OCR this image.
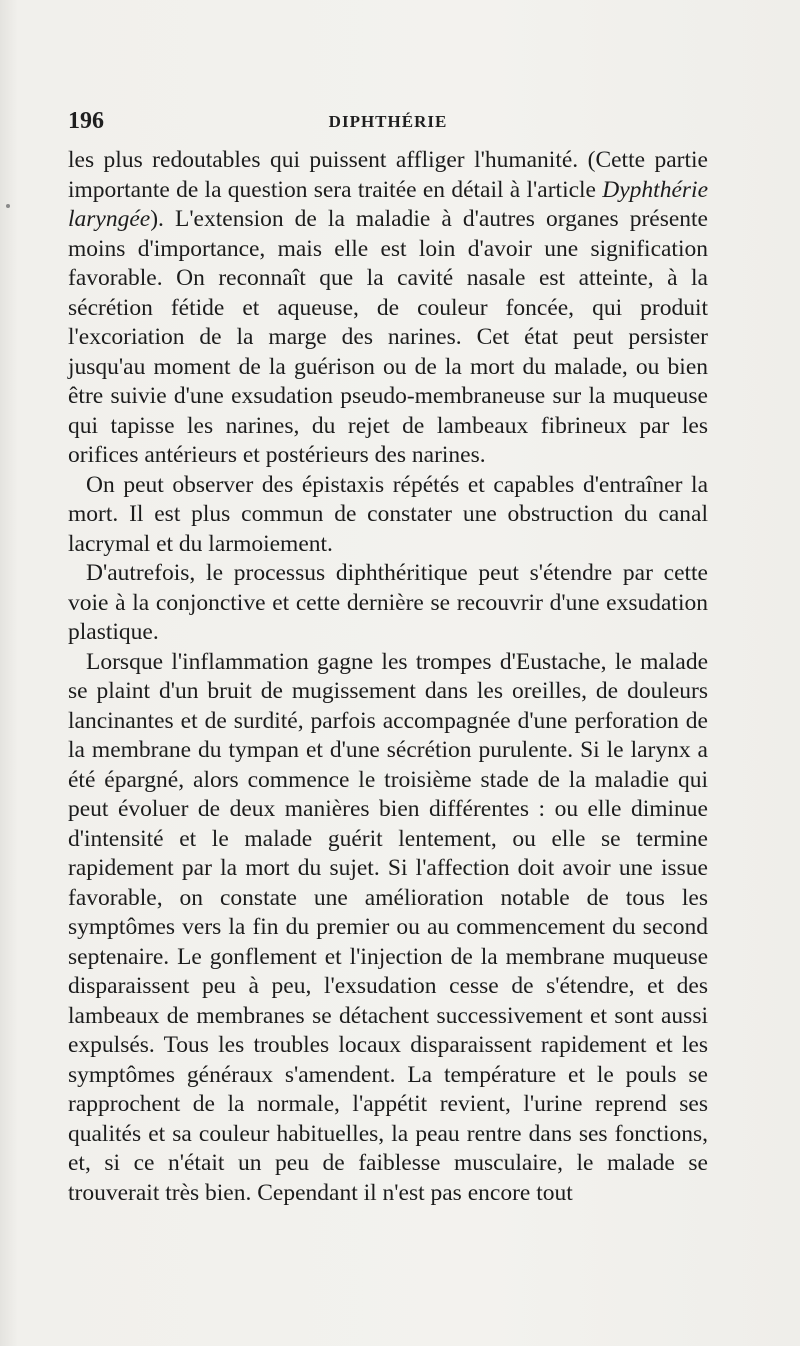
196	DIPHTHÉRIE

les plus redoutables qui puissent affliger l'humanité. (Cette partie importante de la question sera traitée en détail à l'article Dyphthérie laryngée). L'extension de la maladie à d'autres organes présente moins d'importance, mais elle est loin d'avoir une signification favorable. On reconnaît que la cavité nasale est atteinte, à la sécrétion fétide et aqueuse, de couleur foncée, qui produit l'excoriation de la marge des narines. Cet état peut persister jusqu'au moment de la guérison ou de la mort du malade, ou bien être suivie d'une exsudation pseudo-membraneuse sur la muqueuse qui tapisse les narines, du rejet de lambeaux fibrineux par les orifices antérieurs et postérieurs des narines.

On peut observer des épistaxis répétés et capables d'entraîner la mort. Il est plus commun de constater une obstruction du canal lacrymal et du larmoiement.

D'autrefois, le processus diphthéritique peut s'étendre par cette voie à la conjonctive et cette dernière se recouvrir d'une exsudation plastique.

Lorsque l'inflammation gagne les trompes d'Eustache, le malade se plaint d'un bruit de mugissement dans les oreilles, de douleurs lancinantes et de surdité, parfois accompagnée d'une perforation de la membrane du tympan et d'une sécrétion purulente. Si le larynx a été épargné, alors commence le troisième stade de la maladie qui peut évoluer de deux manières bien différentes : ou elle diminue d'intensité et le malade guérit lentement, ou elle se termine rapidement par la mort du sujet. Si l'affection doit avoir une issue favorable, on constate une amélioration notable de tous les symptômes vers la fin du premier ou au commencement du second septenaire. Le gonflement et l'injection de la membrane muqueuse disparaissent peu à peu, l'exsudation cesse de s'étendre, et des lambeaux de membranes se détachent successivement et sont aussi expulsés. Tous les troubles locaux disparaissent rapidement et les symptômes généraux s'amendent. La température et le pouls se rapprochent de la normale, l'appétit revient, l'urine reprend ses qualités et sa couleur habituelles, la peau rentre dans ses fonctions, et, si ce n'était un peu de faiblesse musculaire, le malade se trouverait très bien. Cependant il n'est pas encore tout
